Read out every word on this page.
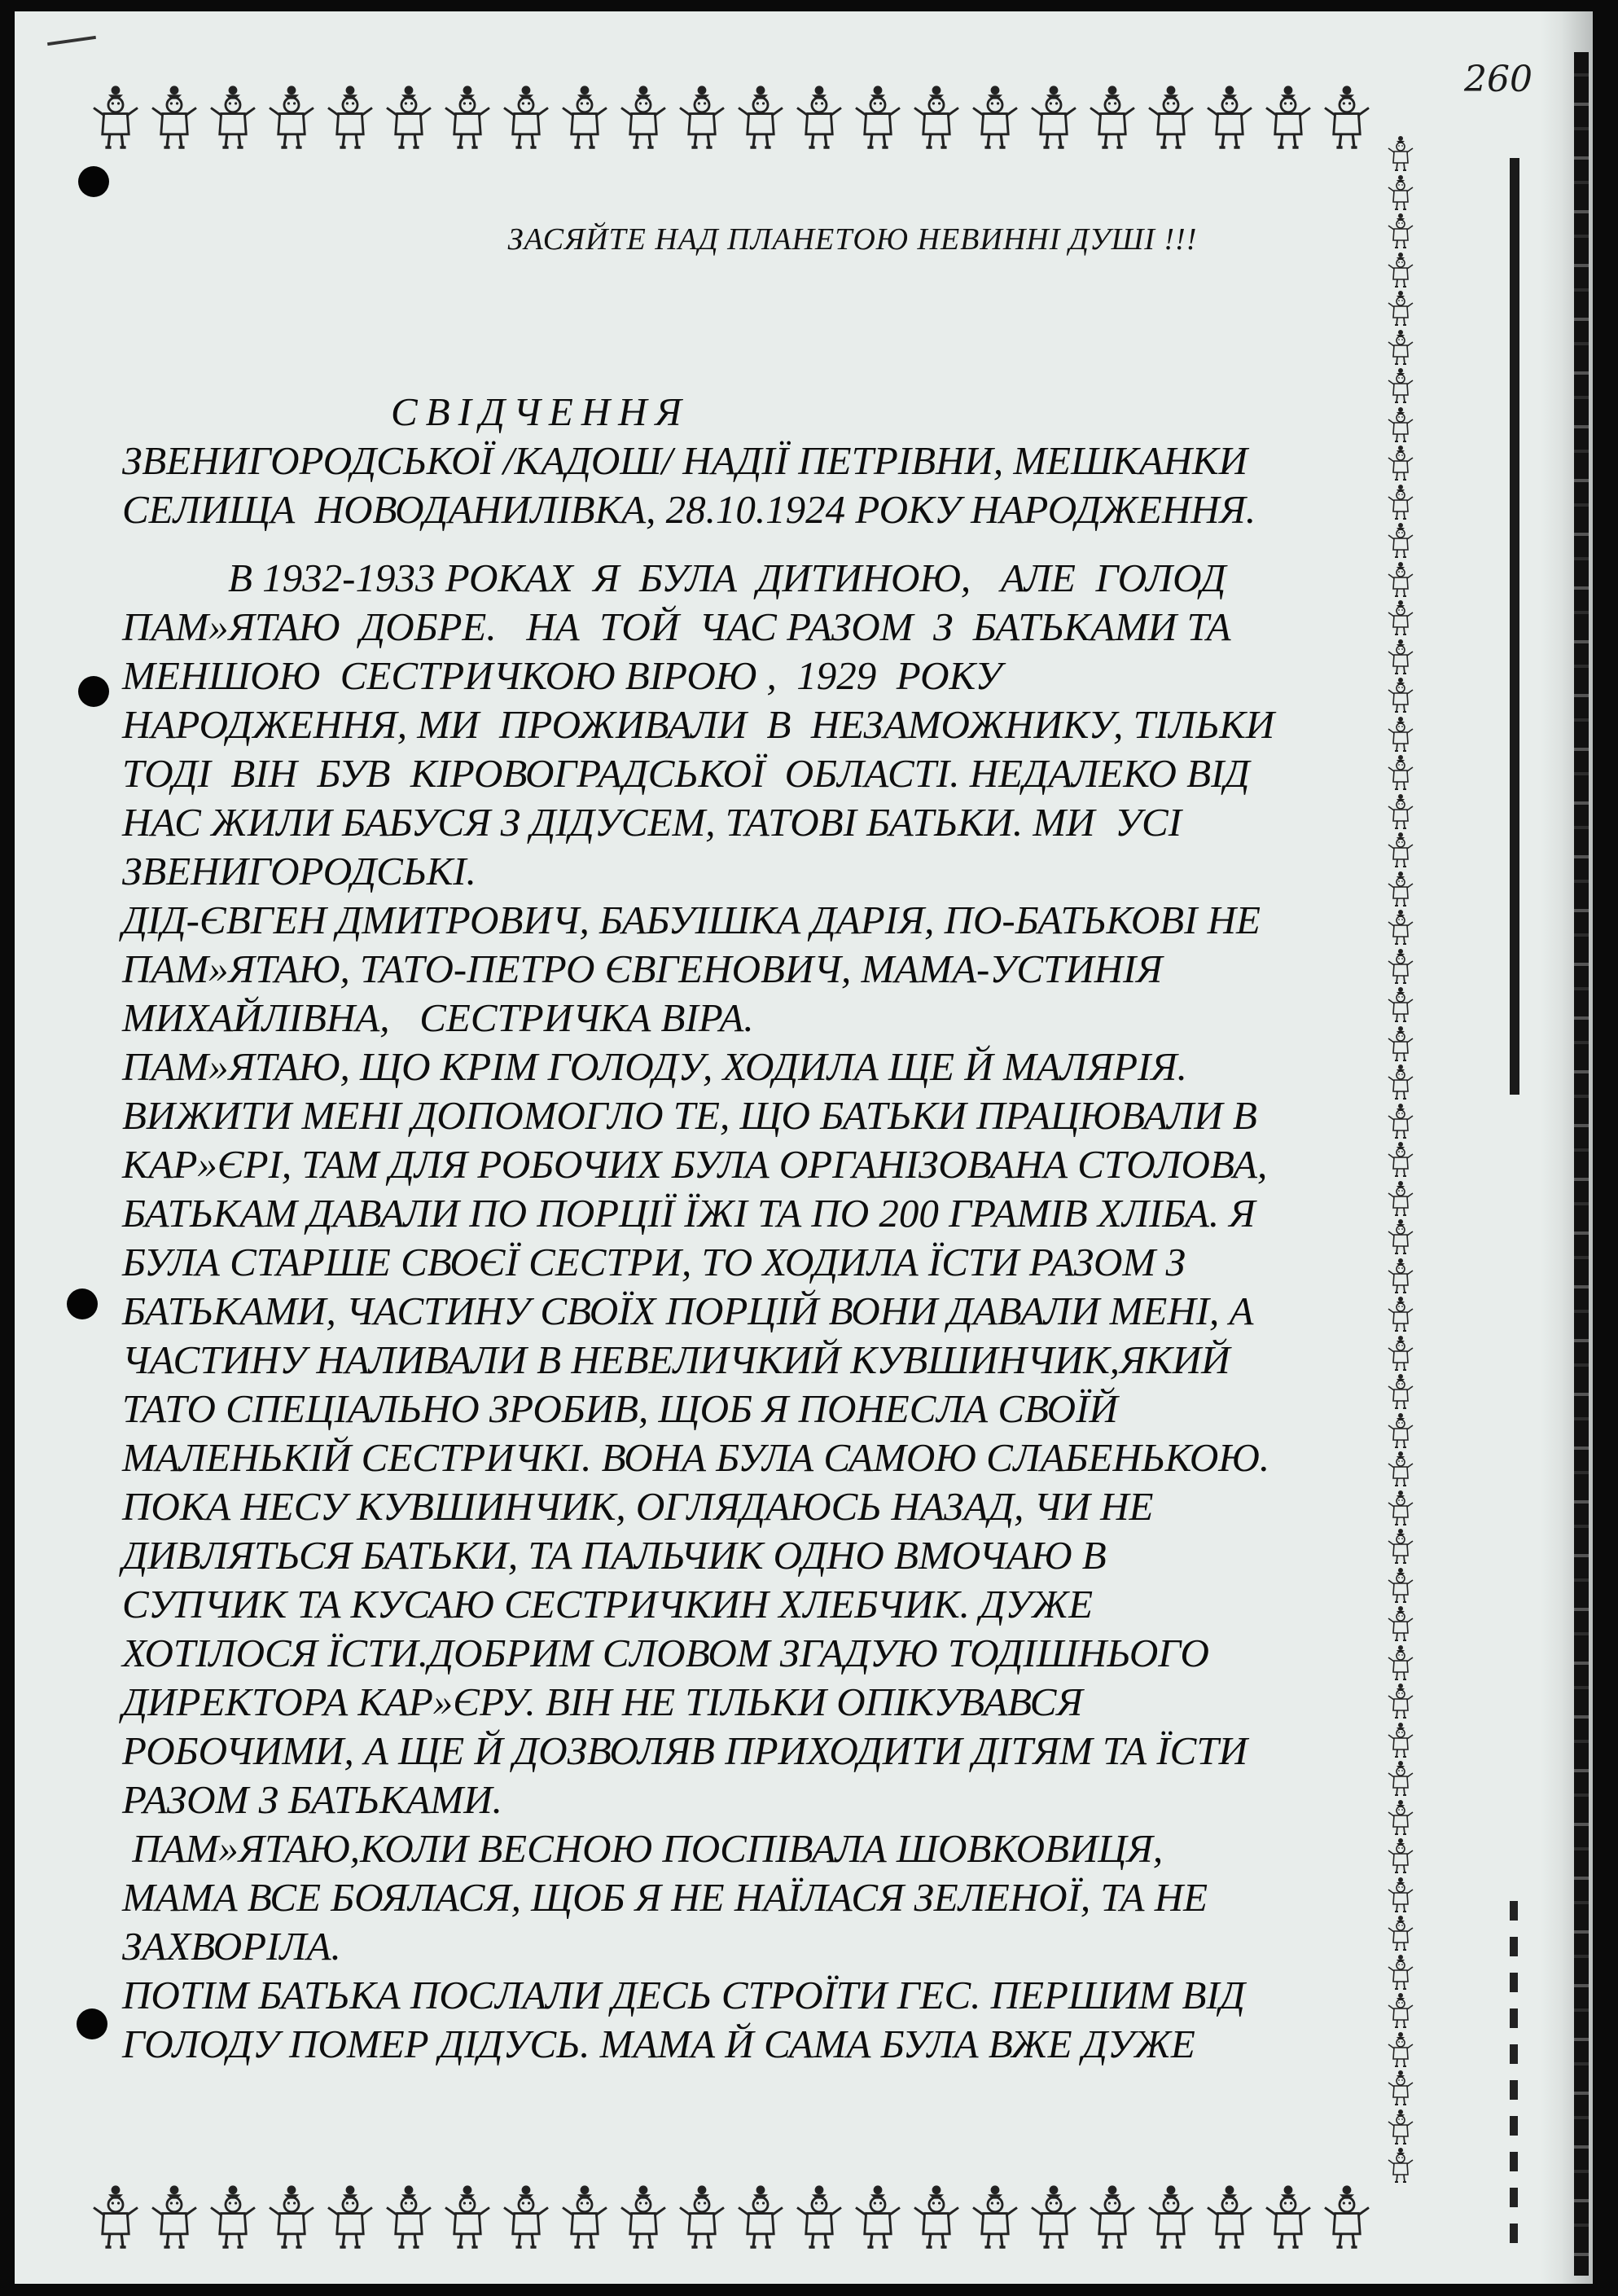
260
ЗАСЯЙТЕ НАД ПЛАНЕТОЮ НЕВИННІ ДУШІ !!!
СВІДЧЕННЯ
ЗВЕНИГОРОДСЬКОЇ /КАДОШ/ НАДІЇ ПЕТРІВНИ, МЕШКАНКИ
СЕЛИЩА  НОВОДАНИЛІВКА, 28.10.1924 РОКУ НАРОДЖЕННЯ.
В 1932-1933 РОКАХ  Я  БУЛА  ДИТИНОЮ,   АЛЕ  ГОЛОД
ПАМ»ЯТАЮ  ДОБРЕ.   НА  ТОЙ  ЧАС РАЗОМ  З  БАТЬКАМИ ТА
МЕНШОЮ  СЕСТРИЧКОЮ ВІРОЮ ,  1929  РОКУ
НАРОДЖЕННЯ, МИ  ПРОЖИВАЛИ  В  НЕЗАМОЖНИКУ, ТІЛЬКИ
ТОДІ  ВІН  БУВ  КІРОВОГРАДСЬКОЇ  ОБЛАСТІ. НЕДАЛЕКО ВІД
НАС ЖИЛИ БАБУСЯ З ДІДУСЕМ, ТАТОВІ БАТЬКИ. МИ  УСІ
ЗВЕНИГОРОДСЬКІ.
ДІД-ЄВГЕН ДМИТРОВИЧ, БАБУІШКА ДАРІЯ, ПО-БАТЬКОВІ НЕ
ПАМ»ЯТАЮ, ТАТО-ПЕТРО ЄВГЕНОВИЧ, МАМА-УСТИНІЯ
МИХАЙЛІВНА,   СЕСТРИЧКА ВІРА.
ПАМ»ЯТАЮ, ЩО КРІМ ГОЛОДУ, ХОДИЛА ЩЕ Й МАЛЯРІЯ.
ВИЖИТИ МЕНІ ДОПОМОГЛО ТЕ, ЩО БАТЬКИ ПРАЦЮВАЛИ В
КАР»ЄРІ, ТАМ ДЛЯ РОБОЧИХ БУЛА ОРГАНІЗОВАНА СТОЛОВА,
БАТЬКАМ ДАВАЛИ ПО ПОРЦІЇ ЇЖІ ТА ПО 200 ГРАМІВ ХЛІБА. Я
БУЛА СТАРШЕ СВОЄЇ СЕСТРИ, ТО ХОДИЛА ЇСТИ РАЗОМ З
БАТЬКАМИ, ЧАСТИНУ СВОЇХ ПОРЦІЙ ВОНИ ДАВАЛИ МЕНІ, А
ЧАСТИНУ НАЛИВАЛИ В НЕВЕЛИЧКИЙ КУВШИНЧИК,ЯКИЙ
ТАТО СПЕЦІАЛЬНО ЗРОБИВ, ЩОБ Я ПОНЕСЛА СВОЇЙ
МАЛЕНЬКІЙ СЕСТРИЧКІ. ВОНА БУЛА САМОЮ СЛАБЕНЬКОЮ.
ПОКА НЕСУ КУВШИНЧИК, ОГЛЯДАЮСЬ НАЗАД, ЧИ НЕ
ДИВЛЯТЬСЯ БАТЬКИ, ТА ПАЛЬЧИК ОДНО ВМОЧАЮ В
СУПЧИК ТА КУСАЮ СЕСТРИЧКИН ХЛЕБЧИК. ДУЖЕ
ХОТІЛОСЯ ЇСТИ.ДОБРИМ СЛОВОМ ЗГАДУЮ ТОДІШНЬОГО
ДИРЕКТОРА КАР»ЄРУ. ВІН НЕ ТІЛЬКИ ОПІКУВАВСЯ
РОБОЧИМИ, А ЩЕ Й ДОЗВОЛЯВ ПРИХОДИТИ ДІТЯМ ТА ЇСТИ
РАЗОМ З БАТЬКАМИ.
ПАМ»ЯТАЮ,КОЛИ ВЕСНОЮ ПОСПІВАЛА ШОВКОВИЦЯ,
МАМА ВСЕ БОЯЛАСЯ, ЩОБ Я НЕ НАЇЛАСЯ ЗЕЛЕНОЇ, ТА НЕ
ЗАХВОРІЛА.
ПОТІМ БАТЬКА ПОСЛАЛИ ДЕСЬ СТРОЇТИ ГЕС. ПЕРШИМ ВІД
ГОЛОДУ ПОМЕР ДІДУСЬ. МАМА Й САМА БУЛА ВЖЕ ДУЖЕ
